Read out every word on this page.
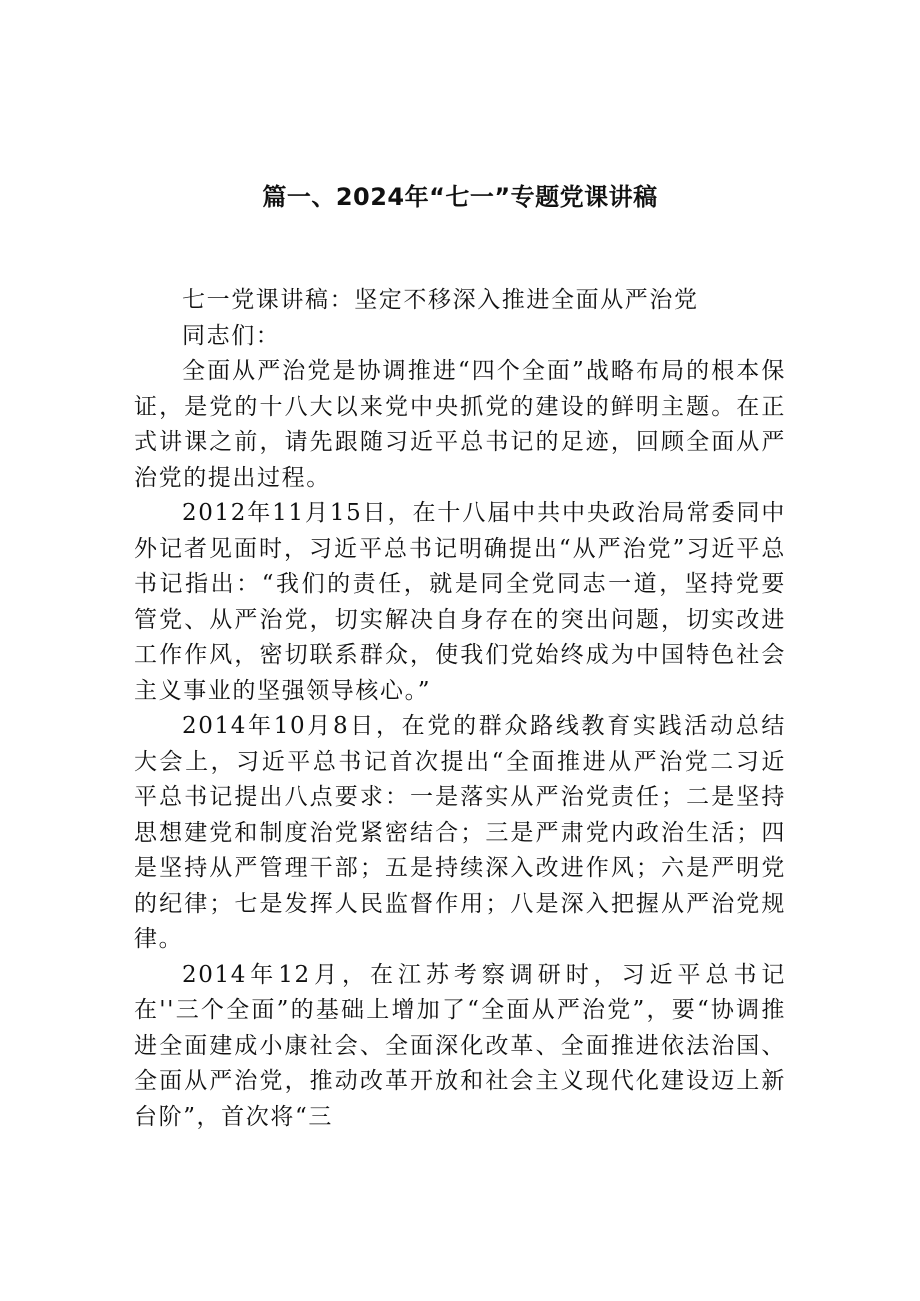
篇一、2024年“七一”专题党课讲稿

七一党课讲稿：坚定不移深入推进全面从严治党

同志们：

全面从严治党是协调推进“四个全面”战略布局的根本保证，是党的十八大以来党中央抓党的建设的鲜明主题。在正式讲课之前，请先跟随习近平总书记的足迹，回顾全面从严治党的提出过程。

2012年11月15日，在十八届中共中央政治局常委同中外记者见面时，习近平总书记明确提出“从严治党”习近平总书记指出：“我们的责任，就是同全党同志一道，坚持党要管党、从严治党，切实解决自身存在的突出问题，切实改进工作作风，密切联系群众，使我们党始终成为中国特色社会主义事业的坚强领导核心。”

2014年10月8日，在党的群众路线教育实践活动总结大会上，习近平总书记首次提出“全面推进从严治党二习近平总书记提出八点要求：一是落实从严治党责任；二是坚持思想建党和制度治党紧密结合；三是严肃党内政治生活；四是坚持从严管理干部；五是持续深入改进作风；六是严明党的纪律；七是发挥人民监督作用；八是深入把握从严治党规律。

2014年12月，在江苏考察调研时，习近平总书记在''三个全面”的基础上增加了“全面从严治党”，要“协调推进全面建成小康社会、全面深化改革、全面推进依法治国、全面从严治党，推动改革开放和社会主义现代化建设迈上新台阶”，首次将“三
